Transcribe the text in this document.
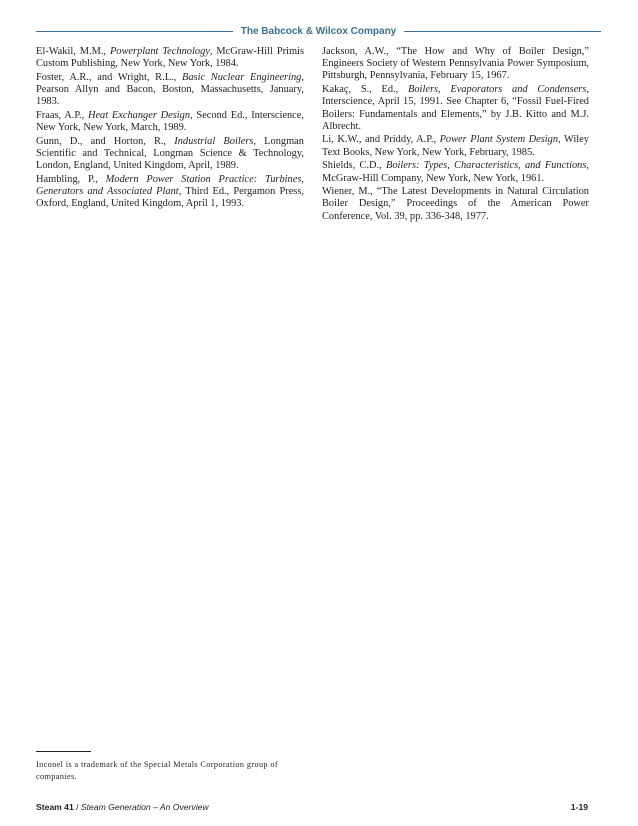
The Babcock & Wilcox Company

El-Wakil, M.M., Powerplant Technology, McGraw-Hill Primis Custom Publishing, New York, New York, 1984.

Foster, A.R., and Wright, R.L., Basic Nuclear Engineering, Pearson Allyn and Bacon, Boston, Massachusetts, January, 1983.

Fraas, A.P., Heat Exchanger Design, Second Ed., Interscience, New York, New York, March, 1989.

Gunn, D., and Horton, R., Industrial Boilers, Longman Scientific and Technical, Longman Science & Technology, London, England, United Kingdom, April, 1989.

Hambling, P., Modern Power Station Practice: Turbines, Generators and Associated Plant, Third Ed., Pergamon Press, Oxford, England, United Kingdom, April 1, 1993.

Jackson, A.W., “The How and Why of Boiler Design,” Engineers Society of Western Pennsylvania Power Symposium, Pittsburgh, Pennsylvania, February 15, 1967.

Kakaç, S., Ed., Boilers, Evaporators and Condensers, Interscience, April 15, 1991. See Chapter 6, “Fossil Fuel-Fired Boilers: Fundamentals and Elements,” by J.B. Kitto and M.J. Albrecht.

Li, K.W., and Priddy, A.P., Power Plant System Design, Wiley Text Books, New York, New York, February, 1985.

Shields, C.D., Boilers: Types, Characteristics, and Functions, McGraw-Hill Company, New York, New York, 1961.

Wiener, M., “The Latest Developments in Natural Circulation Boiler Design,” Proceedings of the American Power Conference, Vol. 39, pp. 336-348, 1977.

Inconel is a trademark of the Special Metals Corporation group of companies.
Steam 41 / Steam Generation – An Overview	1-19
